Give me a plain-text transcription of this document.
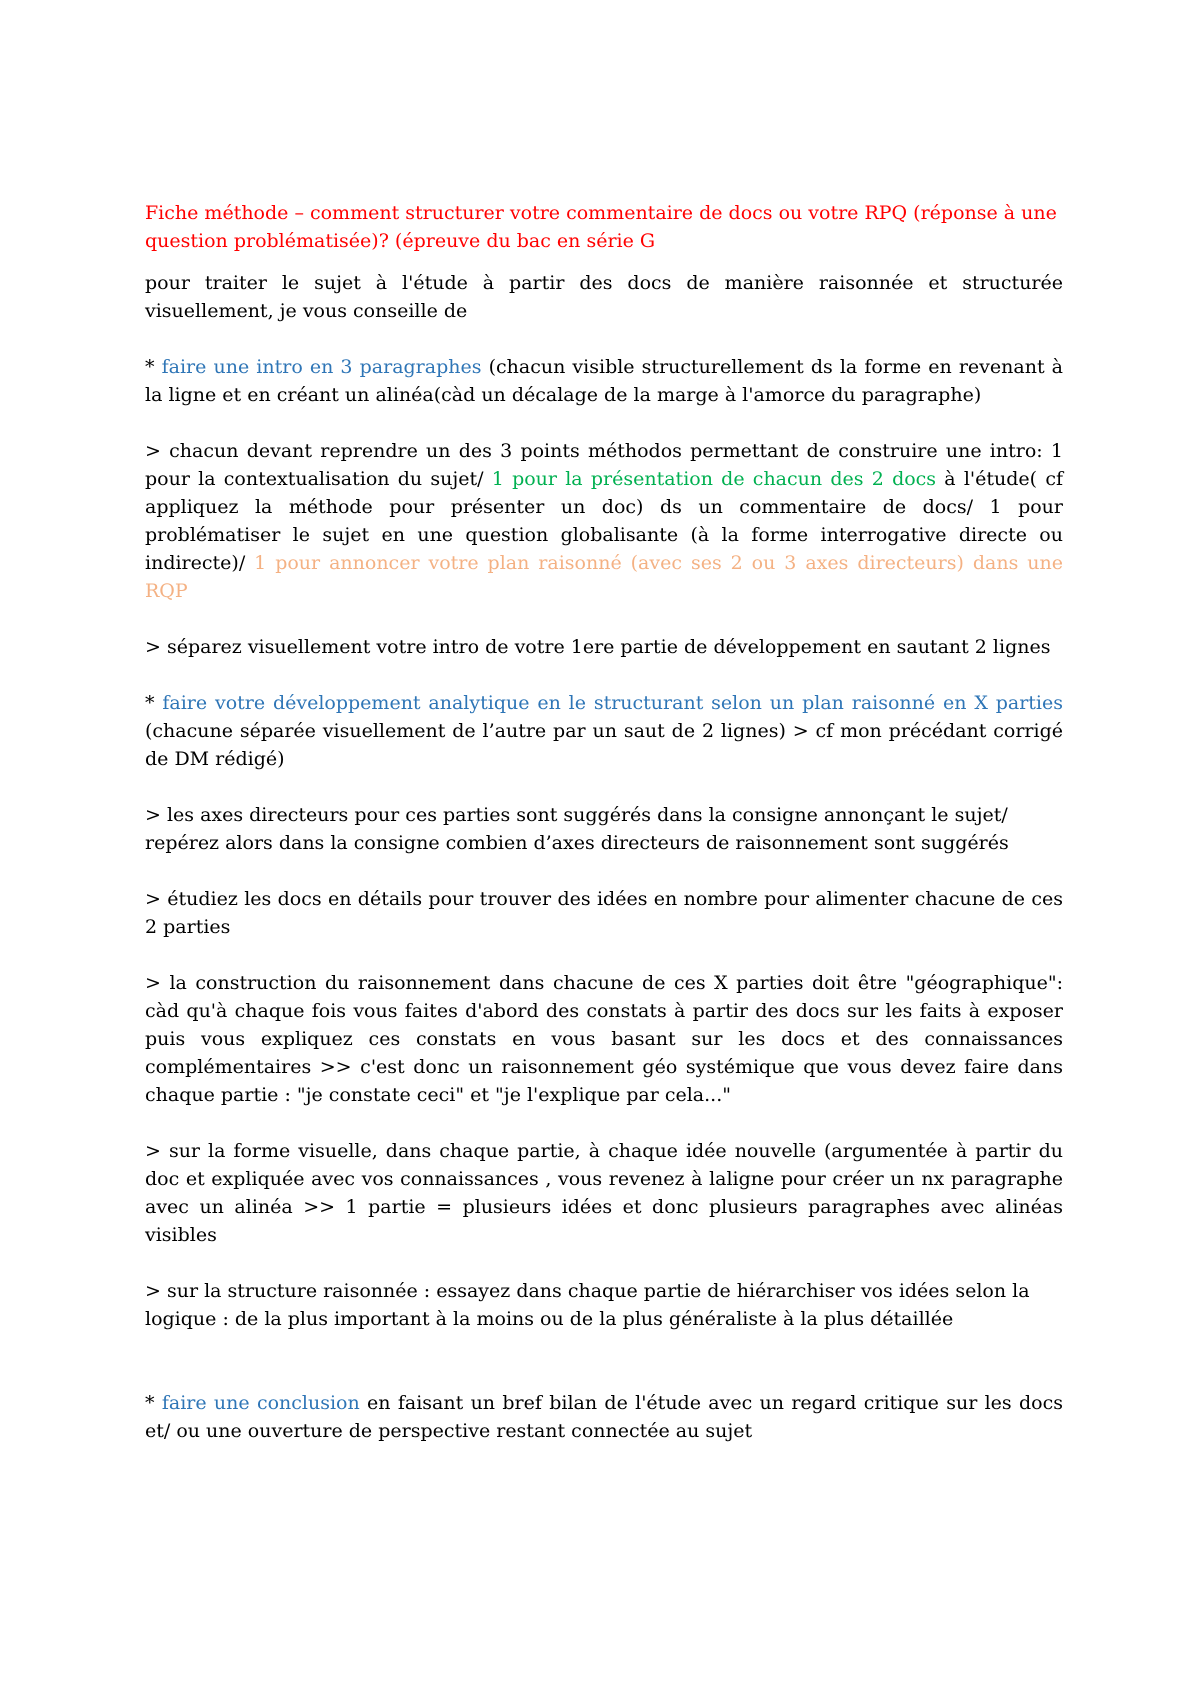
Fiche méthode – comment structurer votre commentaire de docs ou votre RPQ (réponse à une question problématisée)? (épreuve du bac en série G

pour traiter le sujet à l'étude à partir des docs de manière raisonnée et structurée visuellement, je vous conseille de

* faire une intro en 3 paragraphes (chacun visible structurellement ds la forme en revenant à la ligne et en créant un alinéa(càd un décalage de la marge à l'amorce du paragraphe)

> chacun devant reprendre un des 3 points méthodos permettant de construire une intro: 1 pour la contextualisation du sujet/ 1 pour la présentation de chacun des 2 docs à l'étude( cf appliquez la méthode pour présenter un doc) ds un commentaire de docs/ 1 pour problématiser le sujet en une question globalisante (à la forme interrogative directe ou indirecte)/ 1 pour annoncer votre plan raisonné (avec ses 2 ou 3 axes directeurs) dans une RQP

> séparez visuellement votre intro de votre 1ere partie de développement en sautant 2 lignes

* faire votre développement analytique en le structurant selon un plan raisonné en X parties (chacune séparée visuellement de l’autre par un saut de 2 lignes) > cf mon précédant corrigé de DM rédigé)

> les axes directeurs pour ces parties sont suggérés dans la consigne annonçant le sujet/ repérez alors dans la consigne combien d’axes directeurs de raisonnement sont suggérés

> étudiez les docs en détails pour trouver des idées en nombre pour alimenter chacune de ces 2 parties

> la construction du raisonnement dans chacune de ces X parties doit être "géographique": càd qu'à chaque fois vous faites d'abord des constats à partir des docs sur les faits à exposer puis vous expliquez ces constats en vous basant sur les docs et des connaissances complémentaires >> c'est donc un raisonnement géo systémique que vous devez faire dans chaque partie : "je constate ceci" et "je l'explique par cela..."

> sur la forme visuelle, dans chaque partie, à chaque idée nouvelle (argumentée à partir du doc et expliquée avec vos connaissances , vous revenez à laligne pour créer un nx paragraphe avec un alinéa >> 1 partie = plusieurs idées et donc plusieurs paragraphes avec alinéas visibles

> sur la structure raisonnée : essayez dans chaque partie de hiérarchiser vos idées selon la logique : de la plus important à la moins ou de la plus généraliste à la plus détaillée

* faire une conclusion en faisant un bref bilan de l'étude avec un regard critique sur les docs et/ ou une ouverture de perspective restant connectée au sujet
